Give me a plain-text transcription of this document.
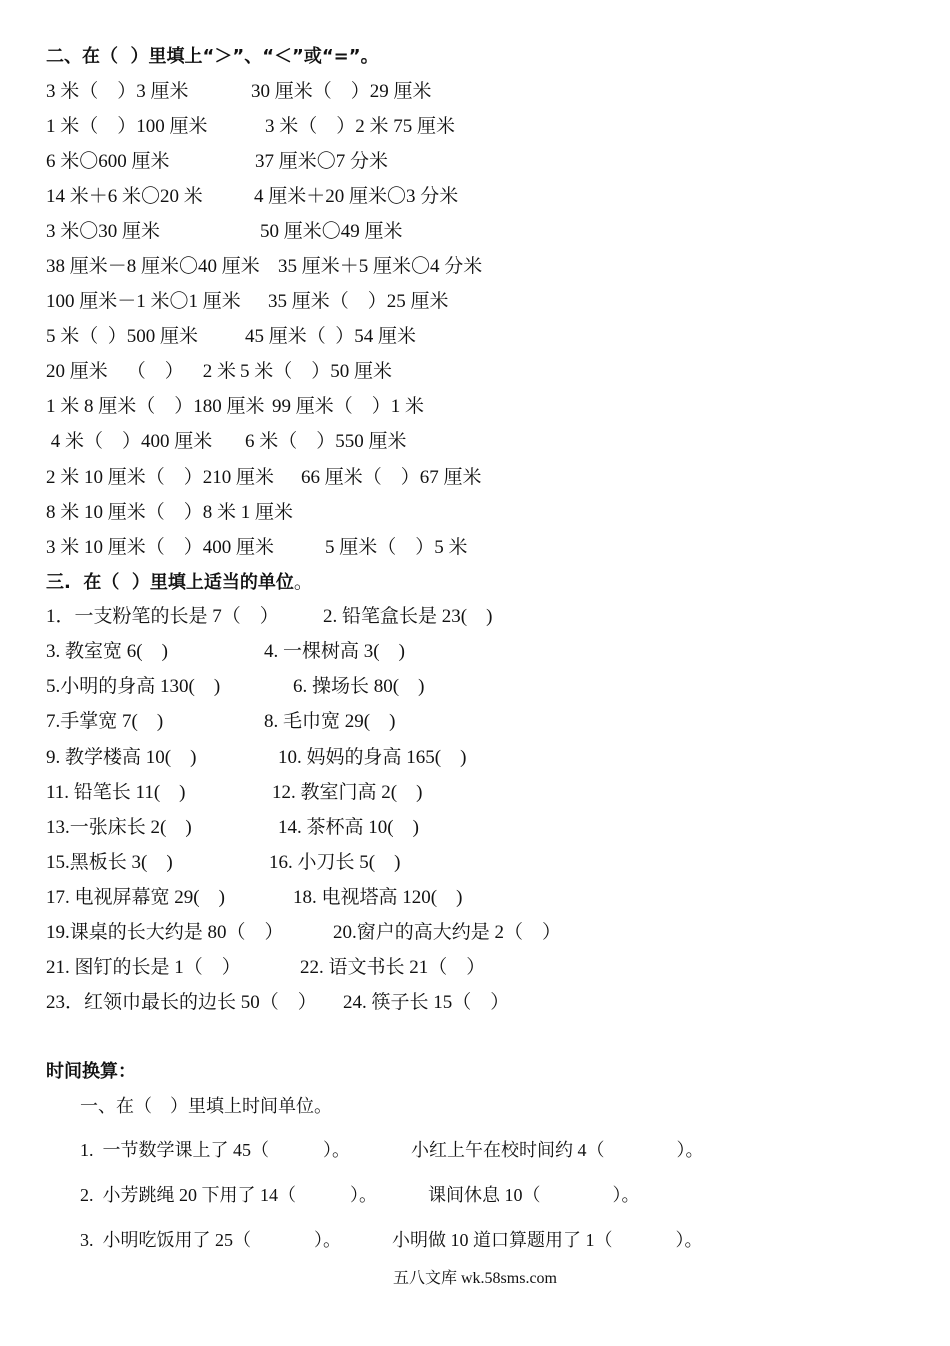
二、在（  ）里填上“＞”、“＜”或“=”。
3 米（    ）3 厘米	30 厘米（    ）29 厘米
1 米（    ）100 厘米	3 米（    ）2 米 75 厘米
6 米〇600 厘米	37 厘米〇7 分米
14 米＋6 米〇20 米	4 厘米＋20 厘米〇3 分米
3 米〇30 厘米	50 厘米〇49 厘米
38 厘米－8 厘米〇40 厘米 35 厘米＋5 厘米〇4 分米
100 厘米－1 米〇1 厘米 35 厘米（    ）25 厘米
5 米（  ）500 厘米 45 厘米（  ）54 厘米
20 厘米    （    ）    2 米 5 米（    ）50 厘米
1 米 8 厘米（    ）180 厘米 99 厘米（    ）1 米
4 米（    ）400 厘米 6 米（    ）550 厘米
2 米 10 厘米（    ）210 厘米 66 厘米（    ）67 厘米
8 米 10 厘米（    ）8 米 1 厘米
3 米 10 厘米（    ）400 厘米	5 厘米（    ）5 米
三.  在（  ）里填上适当的单位。
1．一支粉笔的长是 7（    ） 2. 铅笔盒长是 23(    )
3. 教室宽 6(    )	4. 一棵树高 3(    )
5.小明的身高 130(    )	6. 操场长 80(    )
7.手掌宽 7(    )	8. 毛巾宽 29(    )
9. 教学楼高 10(    )	10. 妈妈的身高 165(    )
11. 铅笔长 11(    )	12. 教室门高 2(    )
13.一张床长 2(    )	14. 茶杯高 10(    )
15.黑板长 3(    )	16. 小刀长 5(    )
17. 电视屏幕宽 29(    )	18. 电视塔高 120(    )
19.课桌的长大约是 80（    ）	20.窗户的高大约是 2（    ）
21. 图钉的长是 1（    ）	22. 语文书长 21（    ）
23．红领巾最长的边长 50（    ） 24. 筷子长 15（    ）
时间换算：
一、在（    ）里填上时间单位。
1.  一节数学课上了 45（            ）。	小红上午在校时间约 4（                ）。
2.  小芳跳绳 20 下用了 14（            ）。	课间休息 10（                ）。
3.  小明吃饭用了 25（              ）。	小明做 10 道口算题用了 1（              ）。
五八文库 wk.58sms.com
